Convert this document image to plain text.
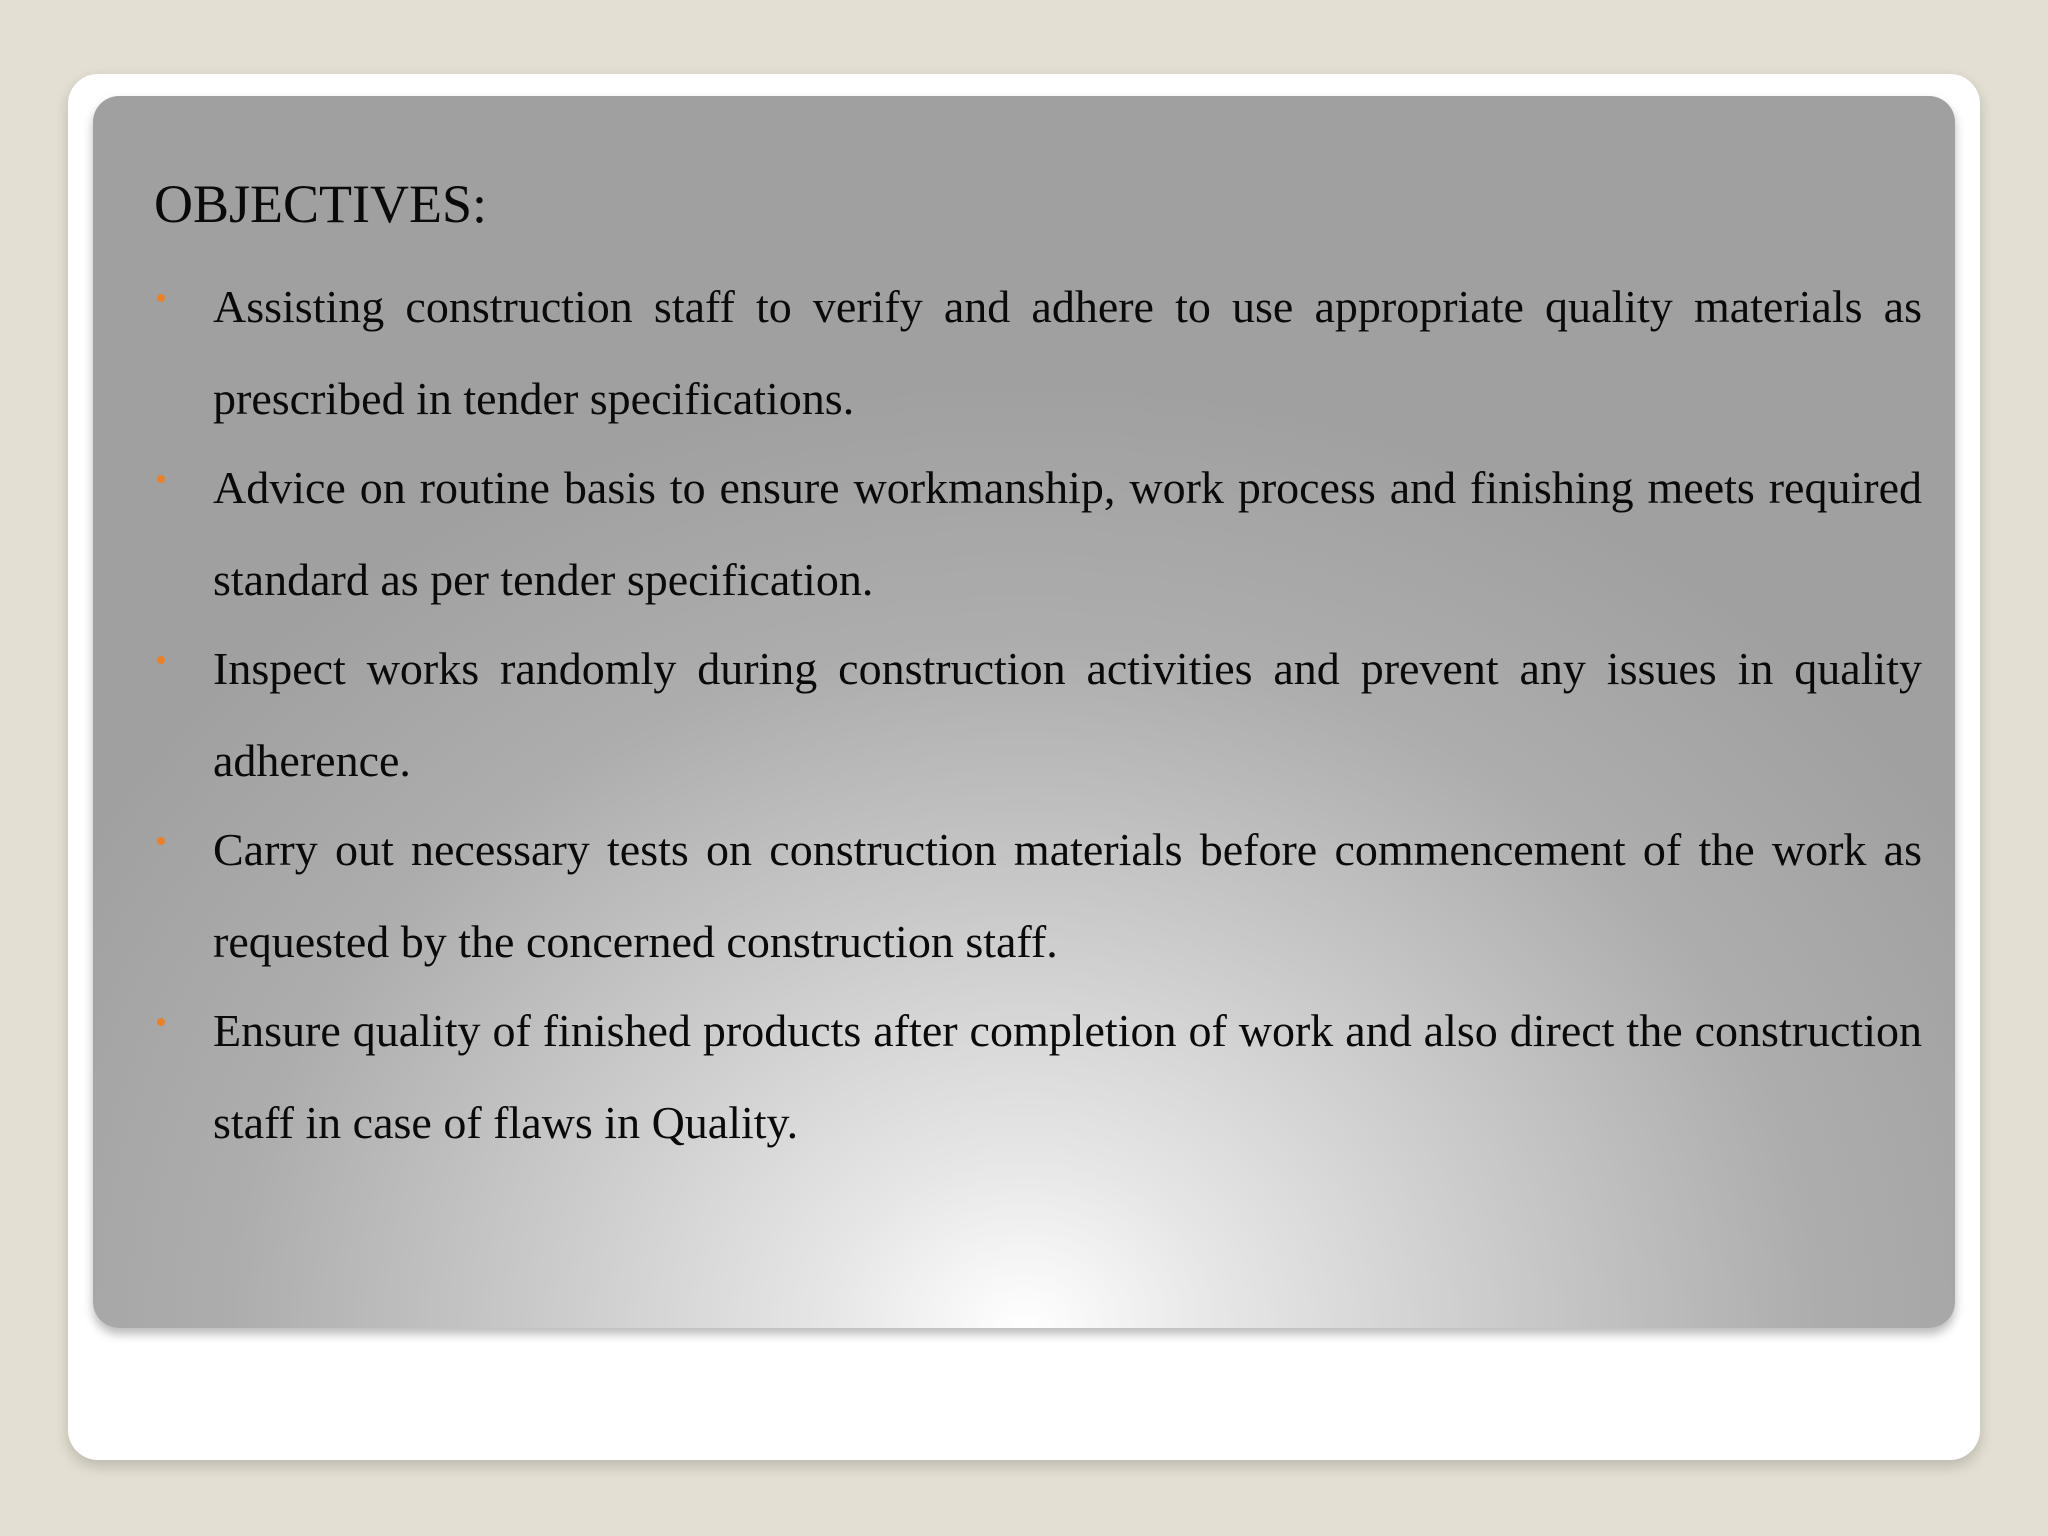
OBJECTIVES:
Assisting construction staff to verify and adhere to use appropriate quality materials as prescribed in tender specifications.
Advice on routine basis to ensure workmanship, work process and finishing meets required standard as per tender specification.
Inspect works randomly during construction activities and prevent any issues in quality adherence.
Carry out necessary tests on construction materials before commencement of the work as requested by the concerned construction staff.
Ensure quality of finished products after completion of work and also direct the construction staff in case of flaws in Quality.
